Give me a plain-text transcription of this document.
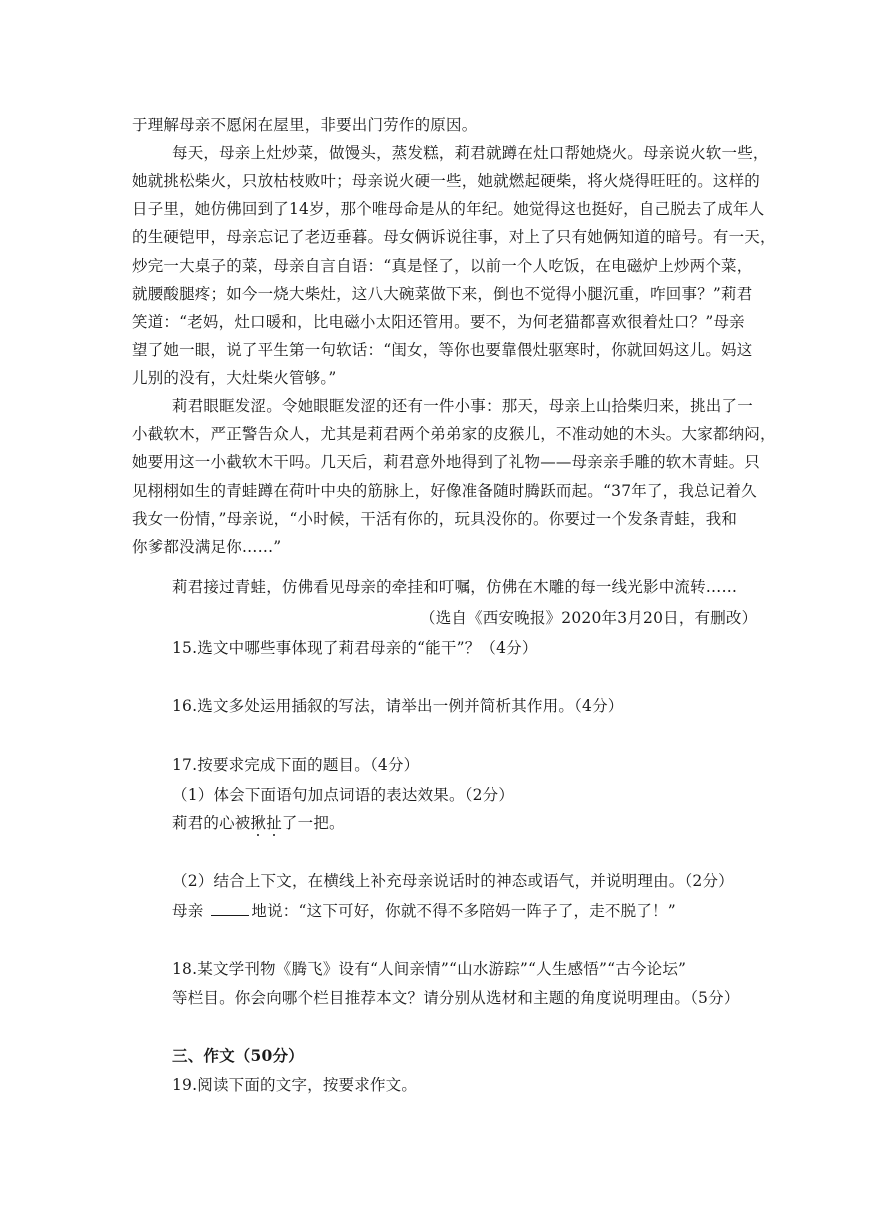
于理解母亲不愿闲在屋里，非要出门劳作的原因。
每天，母亲上灶炒菜，做馒头，蒸发糕，莉君就蹲在灶口帮她烧火。母亲说火软一些，
她就挑松柴火，只放枯枝败叶；母亲说火硬一些，她就燃起硬柴，将火烧得旺旺的。这样的
日子里，她仿佛回到了14岁，那个唯母命是从的年纪。她觉得这也挺好，自己脱去了成年人
的生硬铠甲，母亲忘记了老迈垂暮。母女俩诉说往事，对上了只有她俩知道的暗号。有一天，
炒完一大桌子的菜，母亲自言自语：“真是怪了，以前一个人吃饭，在电磁炉上炒两个菜，
就腰酸腿疼；如今一烧大柴灶，这八大碗菜做下来，倒也不觉得小腿沉重，咋回事？”莉君
笑道：“老妈，灶口暖和，比电磁小太阳还管用。要不，为何老猫都喜欢很着灶口？”母亲
望了她一眼，说了平生第一句软话：“闺女，等你也要靠偎灶驱寒时，你就回妈这儿。妈这
儿别的没有，大灶柴火管够。”
莉君眼眶发涩。令她眼眶发涩的还有一件小事：那天，母亲上山拾柴归来，挑出了一
小截软木，严正警告众人，尤其是莉君两个弟弟家的皮猴儿，不准动她的木头。大家都纳闷，
她要用这一小截软木干吗。几天后，莉君意外地得到了礼物——母亲亲手雕的软木青蛙。只
见栩栩如生的青蛙蹲在荷叶中央的筋脉上，好像准备随时腾跃而起。“37年了，我总记着久
我女一份情，”母亲说，“小时候，干活有你的，玩具没你的。你要过一个发条青蛙，我和
你爹都没满足你……”
莉君接过青蛙，仿佛看见母亲的牵挂和叮嘱，仿佛在木雕的每一线光影中流转……
（选自《西安晚报》2020年3月20日，有删改）
15.选文中哪些事体现了莉君母亲的“能干”？（4分）
16.选文多处运用插叙的写法，请举出一例并简析其作用。（4分）
17.按要求完成下面的题目。（4分）
（1）体会下面语句加点词语的表达效果。（2分）
莉君的心被揪扯了一把。
（2）结合上下文，在横线上补充母亲说话时的神态或语气，并说明理由。（2分）
母亲	地说：“这下可好，你就不得不多陪妈一阵子了，走不脱了！”
18.某文学刊物《腾飞》设有“人间亲情”“山水游踪”“人生感悟”“古今论坛”
等栏目。你会向哪个栏目推荐本文？请分别从选材和主题的角度说明理由。（5分）
三、作文（50分）
19.阅读下面的文字，按要求作文。
